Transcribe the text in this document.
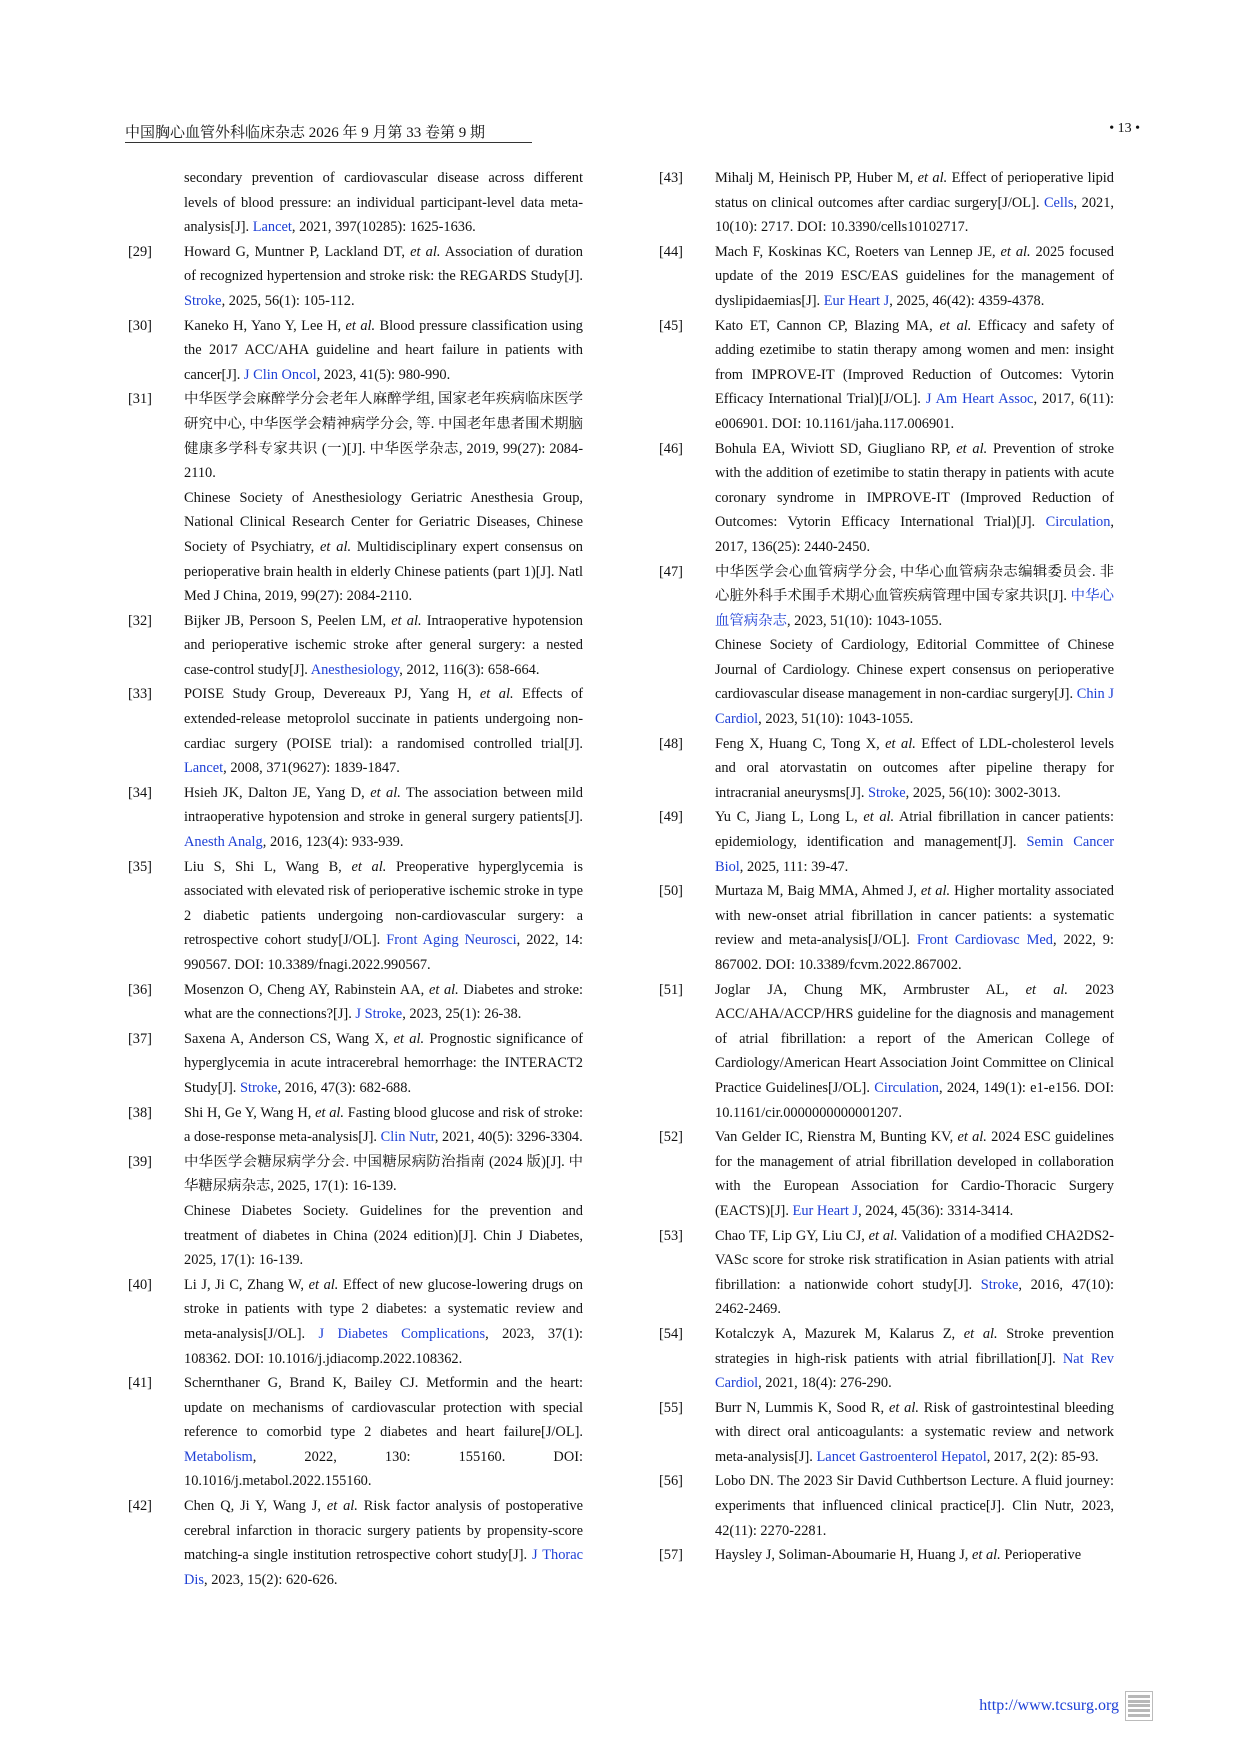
中国胸心血管外科临床杂志 2026 年 9 月第 33 卷第 9 期	• 13 •
secondary prevention of cardiovascular disease across different levels of blood pressure: an individual participant-level data meta-analysis[J]. Lancet, 2021, 397(10285): 1625-1636.
[29]	Howard G, Muntner P, Lackland DT, et al. Association of duration of recognized hypertension and stroke risk: the REGARDS Study[J]. Stroke, 2025, 56(1): 105-112.

[30]	Kaneko H, Yano Y, Lee H, et al. Blood pressure classification using the 2017 ACC/AHA guideline and heart failure in patients with cancer[J]. J Clin Oncol, 2023, 41(5): 980-990.

[31]	中华医学会麻醉学分会老年人麻醉学组, 国家老年疾病临床医学研究中心, 中华医学会精神病学分会, 等. 中国老年患者围术期脑健康多学科专家共识 (一)[J]. 中华医学杂志, 2019, 99(27): 2084-2110.

Chinese Society of Anesthesiology Geriatric Anesthesia Group, National Clinical Research Center for Geriatric Diseases, Chinese Society of Psychiatry, et al. Multidisciplinary expert consensus on perioperative brain health in elderly Chinese patients (part 1)[J]. Natl Med J China, 2019, 99(27): 2084-2110.

[32]	Bijker JB, Persoon S, Peelen LM, et al. Intraoperative hypotension and perioperative ischemic stroke after general surgery: a nested case-control study[J]. Anesthesiology, 2012, 116(3): 658-664.

[33]	POISE Study Group, Devereaux PJ, Yang H, et al. Effects of extended-release metoprolol succinate in patients undergoing non-cardiac surgery (POISE trial): a randomised controlled trial[J]. Lancet, 2008, 371(9627): 1839-1847.

[34]	Hsieh JK, Dalton JE, Yang D, et al. The association between mild intraoperative hypotension and stroke in general surgery patients[J]. Anesth Analg, 2016, 123(4): 933-939.

[35]	Liu S, Shi L, Wang B, et al. Preoperative hyperglycemia is associated with elevated risk of perioperative ischemic stroke in type 2 diabetic patients undergoing non-cardiovascular surgery: a retrospective cohort study[J/OL]. Front Aging Neurosci, 2022, 14: 990567. DOI: 10.3389/fnagi.2022.990567.

[36]	Mosenzon O, Cheng AY, Rabinstein AA, et al. Diabetes and stroke: what are the connections?[J]. J Stroke, 2023, 25(1): 26-38.

[37]	Saxena A, Anderson CS, Wang X, et al. Prognostic significance of hyperglycemia in acute intracerebral hemorrhage: the INTERACT2 Study[J]. Stroke, 2016, 47(3): 682-688.

[38]	Shi H, Ge Y, Wang H, et al. Fasting blood glucose and risk of stroke: a dose-response meta-analysis[J]. Clin Nutr, 2021, 40(5): 3296-3304.

[39]	中华医学会糖尿病学分会. 中国糖尿病防治指南 (2024 版)[J]. 中华糖尿病杂志, 2025, 17(1): 16-139.

Chinese Diabetes Society. Guidelines for the prevention and treatment of diabetes in China (2024 edition)[J]. Chin J Diabetes, 2025, 17(1): 16-139.

[40]	Li J, Ji C, Zhang W, et al. Effect of new glucose-lowering drugs on stroke in patients with type 2 diabetes: a systematic review and meta-analysis[J/OL]. J Diabetes Complications, 2023, 37(1): 108362. DOI: 10.1016/j.jdiacomp.2022.108362.

[41]	Schernthaner G, Brand K, Bailey CJ. Metformin and the heart: update on mechanisms of cardiovascular protection with special reference to comorbid type 2 diabetes and heart failure[J/OL]. Metabolism, 2022, 130: 155160. DOI: 10.1016/j.metabol.2022.155160.

[42]	Chen Q, Ji Y, Wang J, et al. Risk factor analysis of postoperative cerebral infarction in thoracic surgery patients by propensity-score matching-a single institution retrospective cohort study[J]. J Thorac Dis, 2023, 15(2): 620-626.

[43]	Mihalj M, Heinisch PP, Huber M, et al. Effect of perioperative lipid status on clinical outcomes after cardiac surgery[J/OL]. Cells, 2021, 10(10): 2717. DOI: 10.3390/cells10102717.

[44]	Mach F, Koskinas KC, Roeters van Lennep JE, et al. 2025 focused update of the 2019 ESC/EAS guidelines for the management of dyslipidaemias[J]. Eur Heart J, 2025, 46(42): 4359-4378.

[45]	Kato ET, Cannon CP, Blazing MA, et al. Efficacy and safety of adding ezetimibe to statin therapy among women and men: insight from IMPROVE-IT (Improved Reduction of Outcomes: Vytorin Efficacy International Trial)[J/OL]. J Am Heart Assoc, 2017, 6(11): e006901. DOI: 10.1161/jaha.117.006901.

[46]	Bohula EA, Wiviott SD, Giugliano RP, et al. Prevention of stroke with the addition of ezetimibe to statin therapy in patients with acute coronary syndrome in IMPROVE-IT (Improved Reduction of Outcomes: Vytorin Efficacy International Trial)[J]. Circulation, 2017, 136(25): 2440-2450.

[47]	中华医学会心血管病学分会, 中华心血管病杂志编辑委员会. 非心脏外科手术围手术期心血管疾病管理中国专家共识[J]. 中华心血管病杂志, 2023, 51(10): 1043-1055.

Chinese Society of Cardiology, Editorial Committee of Chinese Journal of Cardiology. Chinese expert consensus on perioperative cardiovascular disease management in non-cardiac surgery[J]. Chin J Cardiol, 2023, 51(10): 1043-1055.

[48]	Feng X, Huang C, Tong X, et al. Effect of LDL-cholesterol levels and oral atorvastatin on outcomes after pipeline therapy for intracranial aneurysms[J]. Stroke, 2025, 56(10): 3002-3013.

[49]	Yu C, Jiang L, Long L, et al. Atrial fibrillation in cancer patients: epidemiology, identification and management[J]. Semin Cancer Biol, 2025, 111: 39-47.

[50]	Murtaza M, Baig MMA, Ahmed J, et al. Higher mortality associated with new-onset atrial fibrillation in cancer patients: a systematic review and meta-analysis[J/OL]. Front Cardiovasc Med, 2022, 9: 867002. DOI: 10.3389/fcvm.2022.867002.

[51]	Joglar JA, Chung MK, Armbruster AL, et al. 2023 ACC/AHA/ACCP/HRS guideline for the diagnosis and management of atrial fibrillation: a report of the American College of Cardiology/American Heart Association Joint Committee on Clinical Practice Guidelines[J/OL]. Circulation, 2024, 149(1): e1-e156. DOI: 10.1161/cir.0000000000001207.

[52]	Van Gelder IC, Rienstra M, Bunting KV, et al. 2024 ESC guidelines for the management of atrial fibrillation developed in collaboration with the European Association for Cardio-Thoracic Surgery (EACTS)[J]. Eur Heart J, 2024, 45(36): 3314-3414.

[53]	Chao TF, Lip GY, Liu CJ, et al. Validation of a modified CHA2DS2-VASc score for stroke risk stratification in Asian patients with atrial fibrillation: a nationwide cohort study[J]. Stroke, 2016, 47(10): 2462-2469.

[54]	Kotalczyk A, Mazurek M, Kalarus Z, et al. Stroke prevention strategies in high-risk patients with atrial fibrillation[J]. Nat Rev Cardiol, 2021, 18(4): 276-290.

[55]	Burr N, Lummis K, Sood R, et al. Risk of gastrointestinal bleeding with direct oral anticoagulants: a systematic review and network meta-analysis[J]. Lancet Gastroenterol Hepatol, 2017, 2(2): 85-93.

[56]	Lobo DN. The 2023 Sir David Cuthbertson Lecture. A fluid journey: experiments that influenced clinical practice[J]. Clin Nutr, 2023, 42(11): 2270-2281.

[57]	Haysley J, Soliman-Aboumarie H, Huang J, et al. Perioperative

http://www.tcsurg.org
